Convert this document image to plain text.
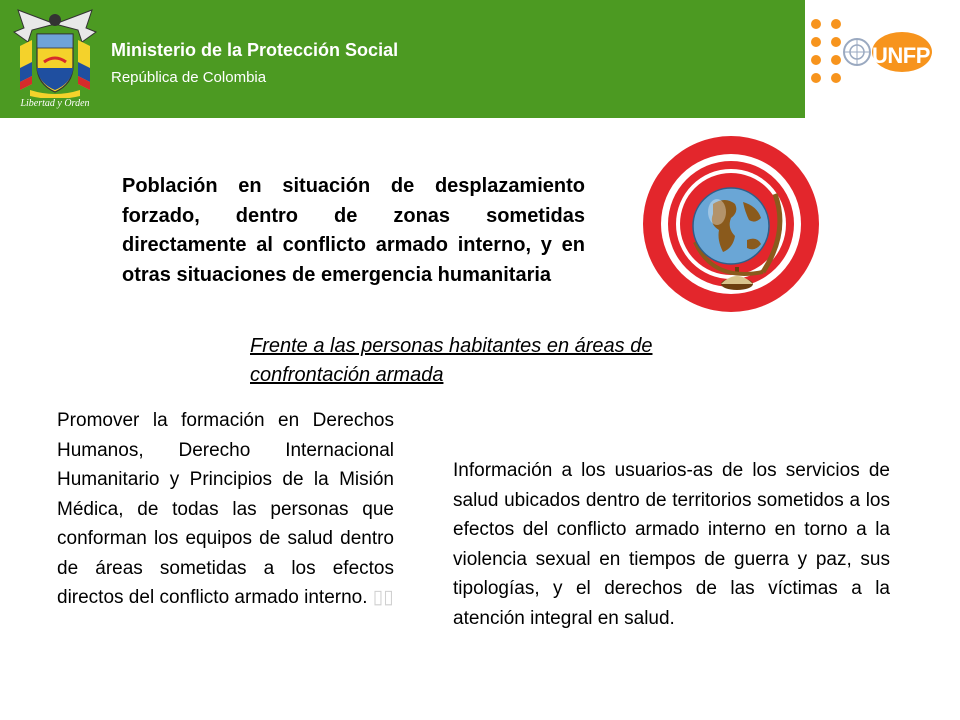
Libertad y Orden
Ministerio de la Protección Social
República de Colombia
UNFPA
Población en situación de desplazamiento forzado, dentro de zonas sometidas directamente al conflicto armado interno, y en otras situaciones de emergencia humanitaria
Frente a las personas habitantes en áreas de confrontación armada
Promover la formación en Derechos Humanos, Derecho Internacional Humanitario y Principios de la Misión Médica, de todas las personas que conforman los equipos de salud dentro de áreas sometidas a los efectos directos del conflicto armado interno. ▯▯
Información a los usuarios-as de los servicios de salud ubicados dentro de territorios sometidos a los efectos del conflicto armado interno en torno a la violencia sexual en tiempos de guerra y paz, sus tipologías, y el derechos de las víctimas a la atención integral en salud.
